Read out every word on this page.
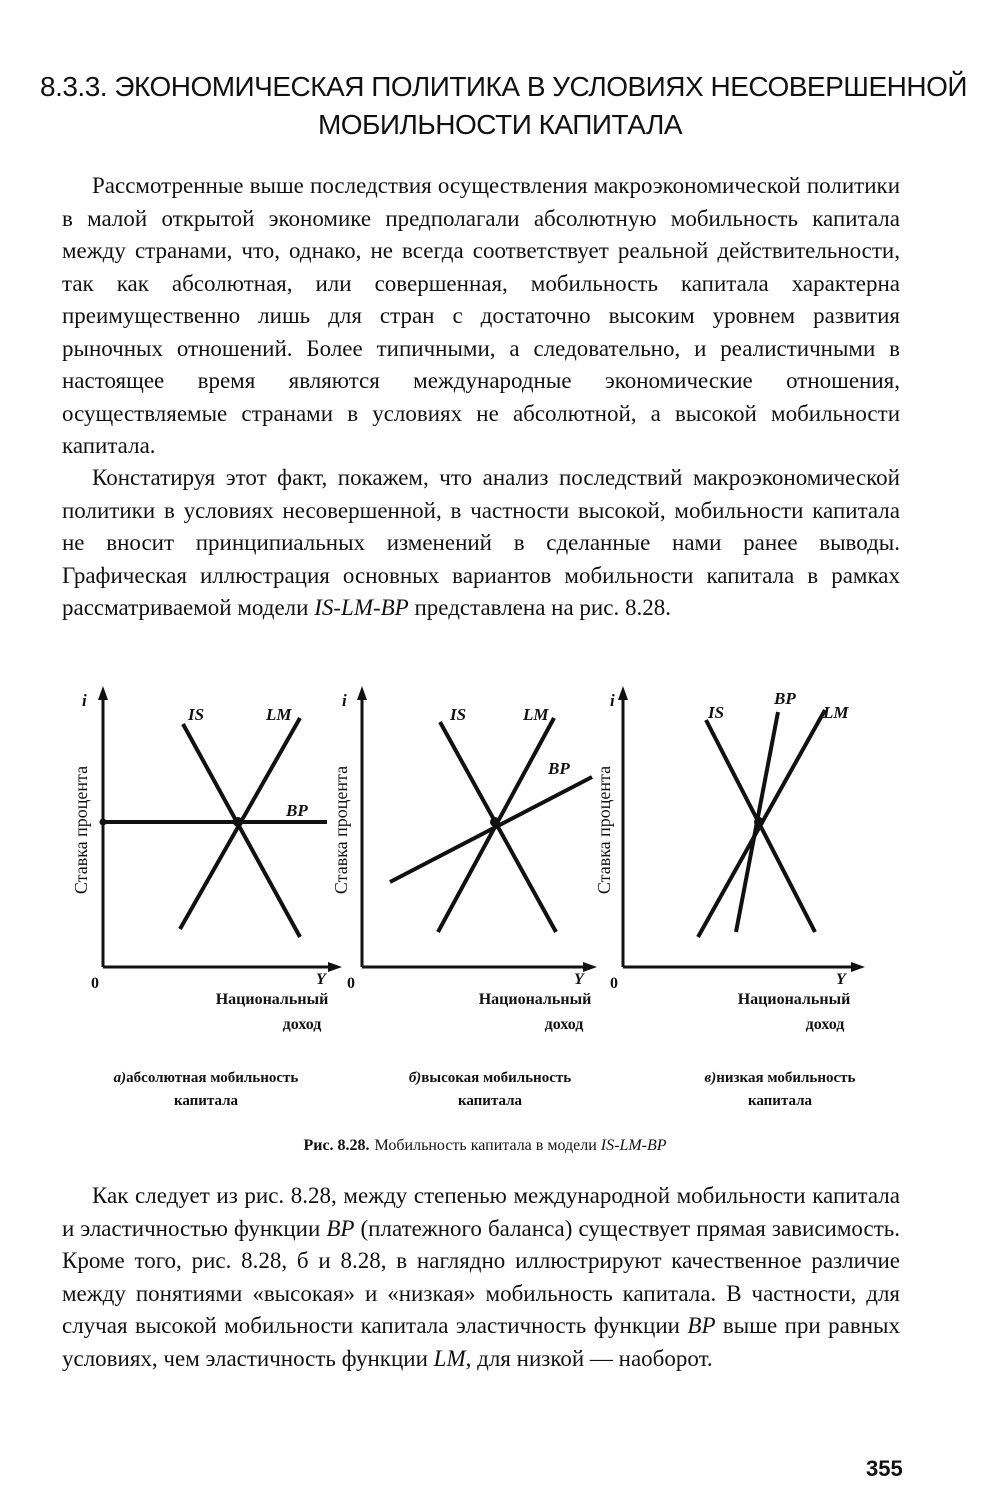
8.3.3. ЭКОНОМИЧЕСКАЯ ПОЛИТИКА В УСЛОВИЯХ НЕСОВЕРШЕННОЙ
МОБИЛЬНОСТИ КАПИТАЛА

Рассмотренные выше последствия осуществления макроэкономической политики в малой открытой экономике предполагали абсолютную мобильность капитала между странами, что, однако, не всегда соответствует реальной действительности, так как абсолютная, или совершенная, мобильность капитала характерна преимущественно лишь для стран с достаточно высоким уровнем развития рыночных отношений. Более типичными, а следовательно, и реалистичными в настоящее время являются международные экономические отношения, осуществляемые странами в условиях не абсолютной, а высокой мобильности капитала.

Констатируя этот факт, покажем, что анализ последствий макроэкономической политики в условиях несовершенной, в частности высокой, мобильности капитала не вносит принципиальных изменений в сделанные нами ранее выводы. Графическая иллюстрация основных вариантов мобильности капитала в рамках рассматриваемой модели IS-LM-BP представлена на рис. 8.28.

i
Ставка процента
0	Y
Национальный
доход
IS	LM
BP
а)абсолютная мобильность
капитала
i
Ставка процента
0	Y
Национальный
доход
IS	LM
BP
б)высокая мобильность
капитала
i
Ставка процента
0	Y
Национальный
доход
IS
BP
LM
в)низкая мобильность
капитала
Рис. 8.28. Мобильность капитала в модели IS-LM-BP

Как следует из рис. 8.28, между степенью международной мобильности капитала и эластичностью функции BP (платежного баланса) существует прямая зависимость. Кроме того, рис. 8.28, б и 8.28, в наглядно иллюстрируют качественное различие между понятиями «высокая» и «низкая» мобильность капитала. В частности, для случая высокой мобильности капитала эластичность функции BP выше при равных условиях, чем эластичность функции LM, для низкой — наоборот.

355
